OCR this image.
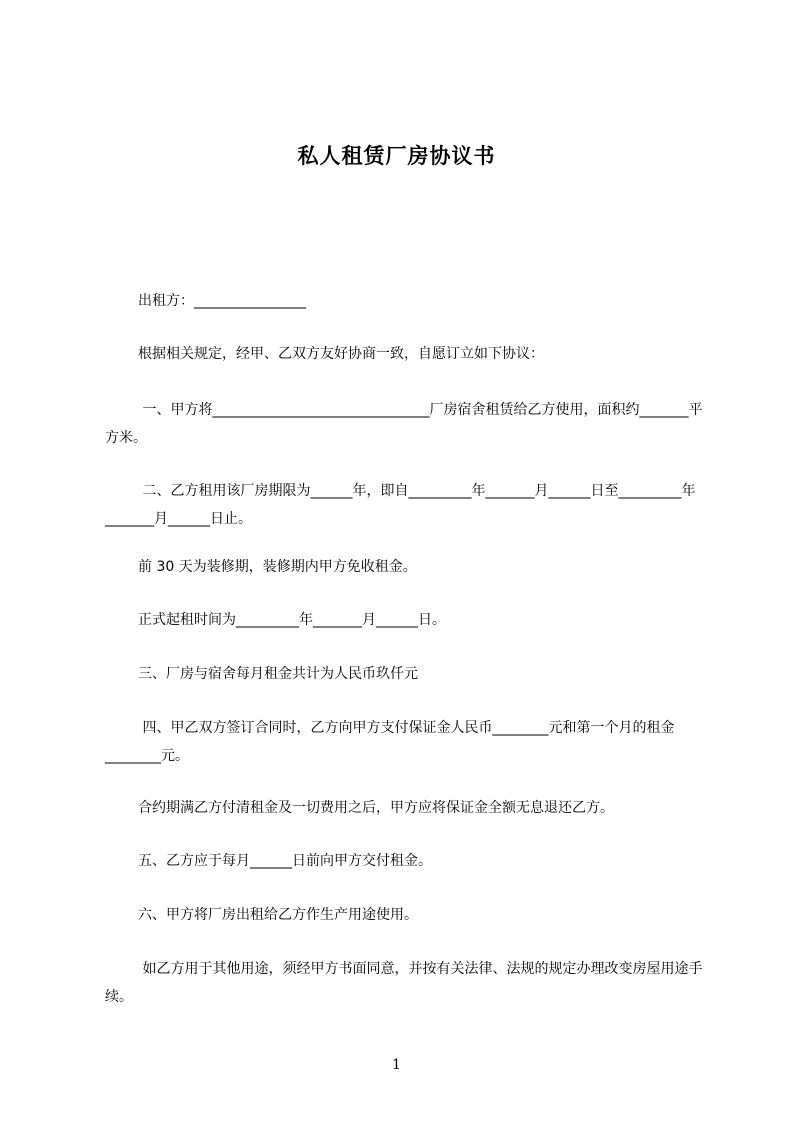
私人租赁厂房协议书

出租方：________________

根据相关规定，经甲、乙双方友好协商一致，自愿订立如下协议：

一、甲方将_______________________________厂房宿舍租赁给乙方使用，面积约_______平方米。

二、乙方租用该厂房期限为______年，即自_________年_______月______日至_________年_______月______日止。

前 30 天为装修期，装修期内甲方免收租金。

正式起租时间为_________年_______月______日。

三、厂房与宿舍每月租金共计为人民币玖仟元

四、甲乙双方签订合同时，乙方向甲方支付保证金人民币________元和第一个月的租金________元。

合约期满乙方付清租金及一切费用之后，甲方应将保证金全额无息退还乙方。

五、乙方应于每月______日前向甲方交付租金。

六、甲方将厂房出租给乙方作生产用途使用。

如乙方用于其他用途，须经甲方书面同意，并按有关法律、法规的规定办理改变房屋用途手续。

1
